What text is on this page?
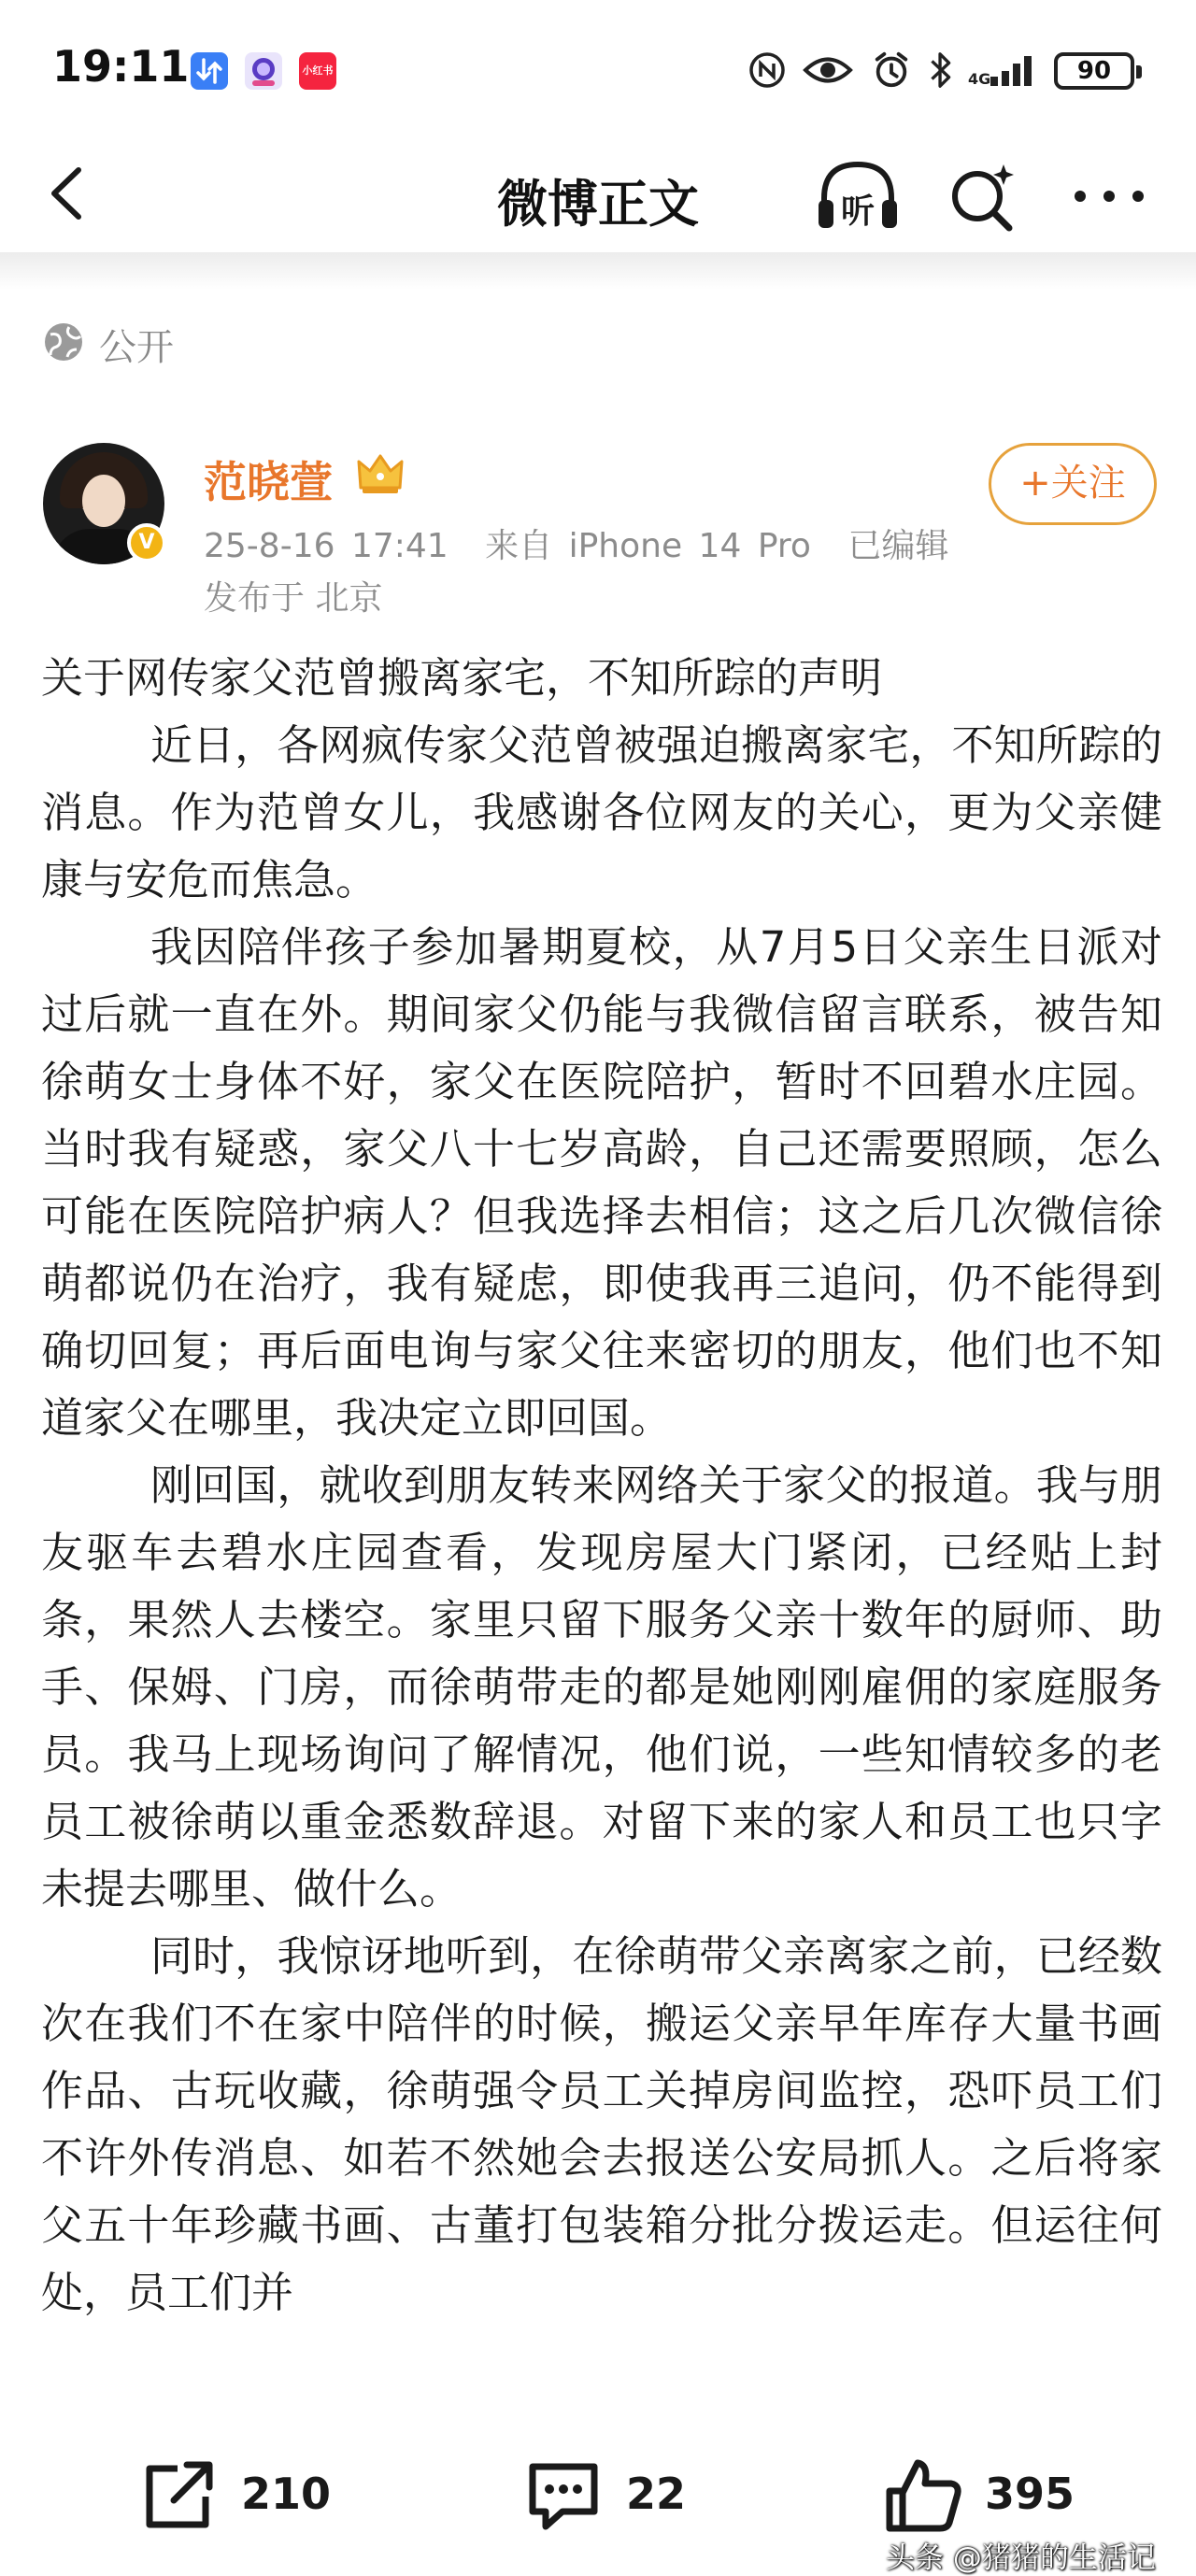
19:11	小红书	4G	90
微博正文	听
公开
V
范晓萱
25-8-16 17:41 来自 iPhone 14 Pro 已编辑
发布于 北京
+关注

关于网传家父范曾搬离家宅，不知所踪的声明

近日，各网疯传家父范曾被强迫搬离家宅，不知所踪的消息。作为范曾女儿，我感谢各位网友的关心，更为父亲健康与安危而焦急。

我因陪伴孩子参加暑期夏校，从7月5日父亲生日派对过后就一直在外。期间家父仍能与我微信留言联系，被告知徐萌女士身体不好，家父在医院陪护，暂时不回碧水庄园。当时我有疑惑，家父八十七岁高龄，自己还需要照顾，怎么可能在医院陪护病人？但我选择去相信；这之后几次微信徐萌都说仍在治疗，我有疑虑，即使我再三追问，仍不能得到确切回复；再后面电询与家父往来密切的朋友，他们也不知道家父在哪里，我决定立即回国。

刚回国，就收到朋友转来网络关于家父的报道。我与朋友驱车去碧水庄园查看，发现房屋大门紧闭，已经贴上封条，果然人去楼空。家里只留下服务父亲十数年的厨师、助手、保姆、门房，而徐萌带走的都是她刚刚雇佣的家庭服务员。我马上现场询问了解情况，他们说，一些知情较多的老员工被徐萌以重金悉数辞退。对留下来的家人和员工也只字未提去哪里、做什么。

同时，我惊讶地听到，在徐萌带父亲离家之前，已经数次在我们不在家中陪伴的时候，搬运父亲早年库存大量书画作品、古玩收藏，徐萌强令员工关掉房间监控，恐吓员工们不许外传消息、如若不然她会去报送公安局抓人。之后将家父五十年珍藏书画、古董打包装箱分批分拨运走。但运往何处，员工们并

210	22	395
头条 @猪猪的生活记
